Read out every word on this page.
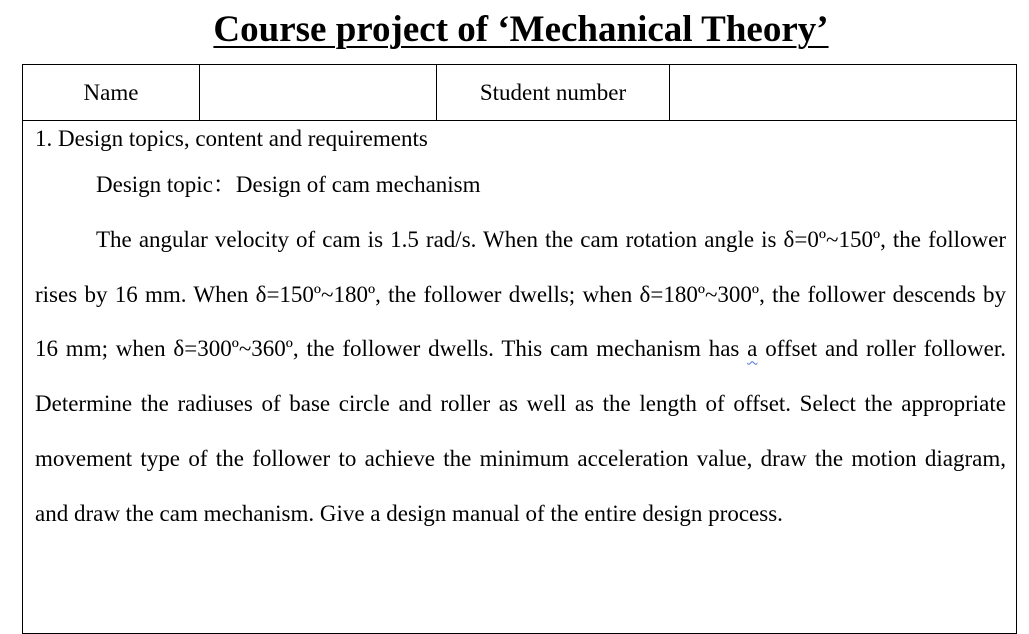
Course project of ‘Mechanical Theory’
Name	Student number
1. Design topics, content and requirements
Design topic：Design of cam mechanism

The angular velocity of cam is 1.5 rad/s. When the cam rotation angle is δ=0º~150º, the follower rises by 16 mm. When δ=150º~180º, the follower dwells; when δ=180º~300º, the follower descends by 16 mm; when δ=300º~360º, the follower dwells. This cam mechanism has a offset and roller follower. Determine the radiuses of base circle and roller as well as the length of offset. Select the appropriate movement type of the follower to achieve the minimum acceleration value, draw the motion diagram, and draw the cam mechanism. Give a design manual of the entire design process.
